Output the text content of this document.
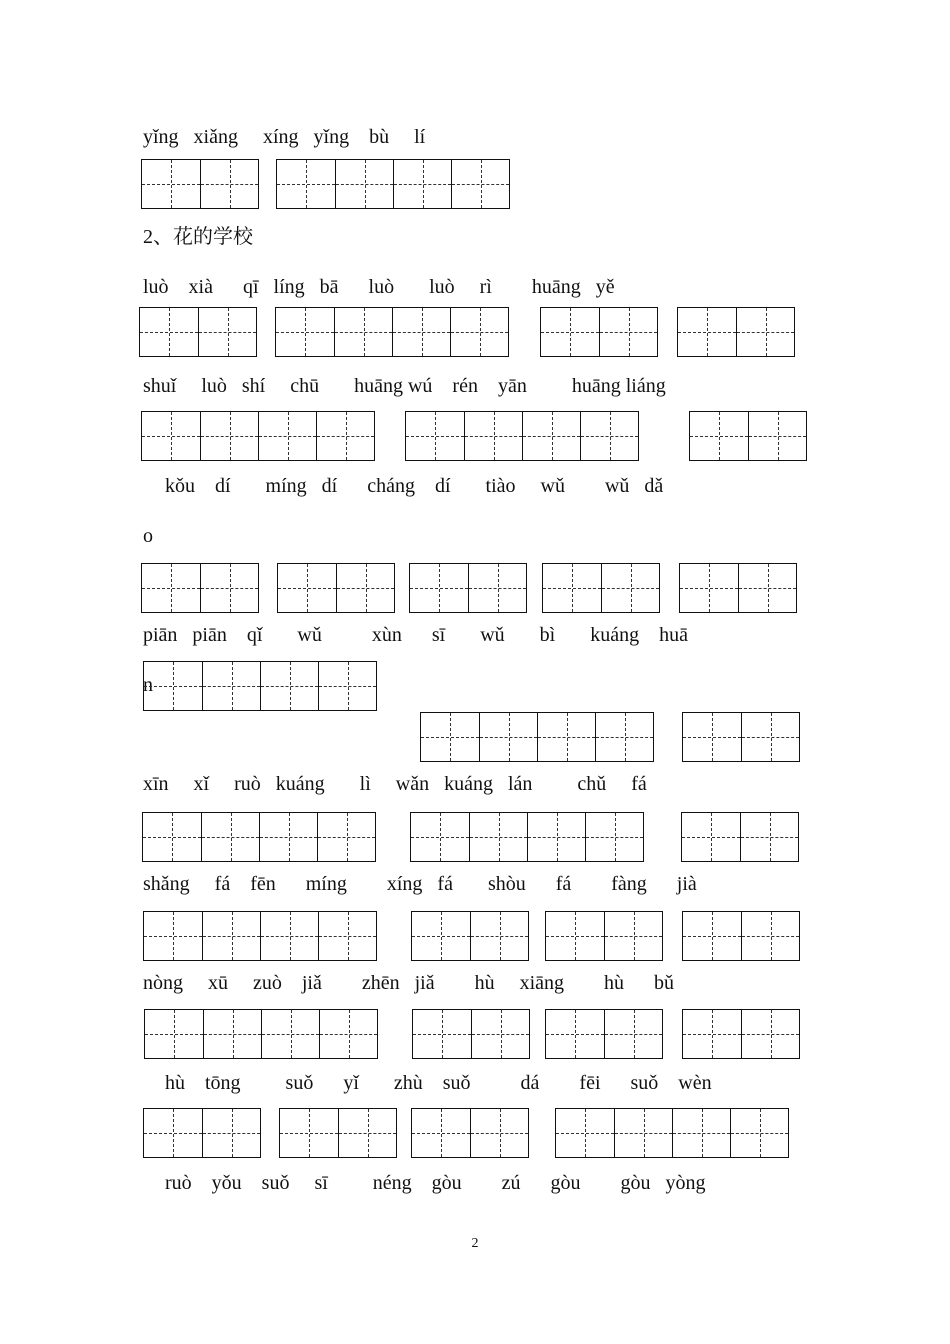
yǐng   xiǎng     xíng   yǐng    bù     lí
2、花的学校
luò    xià      qī   líng   bā      luò       luò     rì        huāng   yě
shuǐ     luò   shí     chū       huāng wú    rén    yān         huāng liáng
kǒu    dí       míng   dí      cháng    dí       tiào     wǔ        wǔ   dǎ
o
piān   piān    qǐ       wǔ          xùn      sī       wǔ       bì       kuáng    huā
n
xīn     xǐ     ruò   kuáng       lì     wǎn   kuáng   lán         chǔ     fá
shǎng     fá    fēn      míng        xíng   fá       shòu      fá        fàng      jià
nòng     xū     zuò    jiǎ        zhēn   jiǎ        hù     xiāng        hù      bǔ
hù    tōng         suǒ      yǐ       zhù    suǒ          dá        fēi      suǒ    wèn
ruò    yǒu    suǒ     sī         néng    gòu        zú      gòu        gòu   yòng
2
